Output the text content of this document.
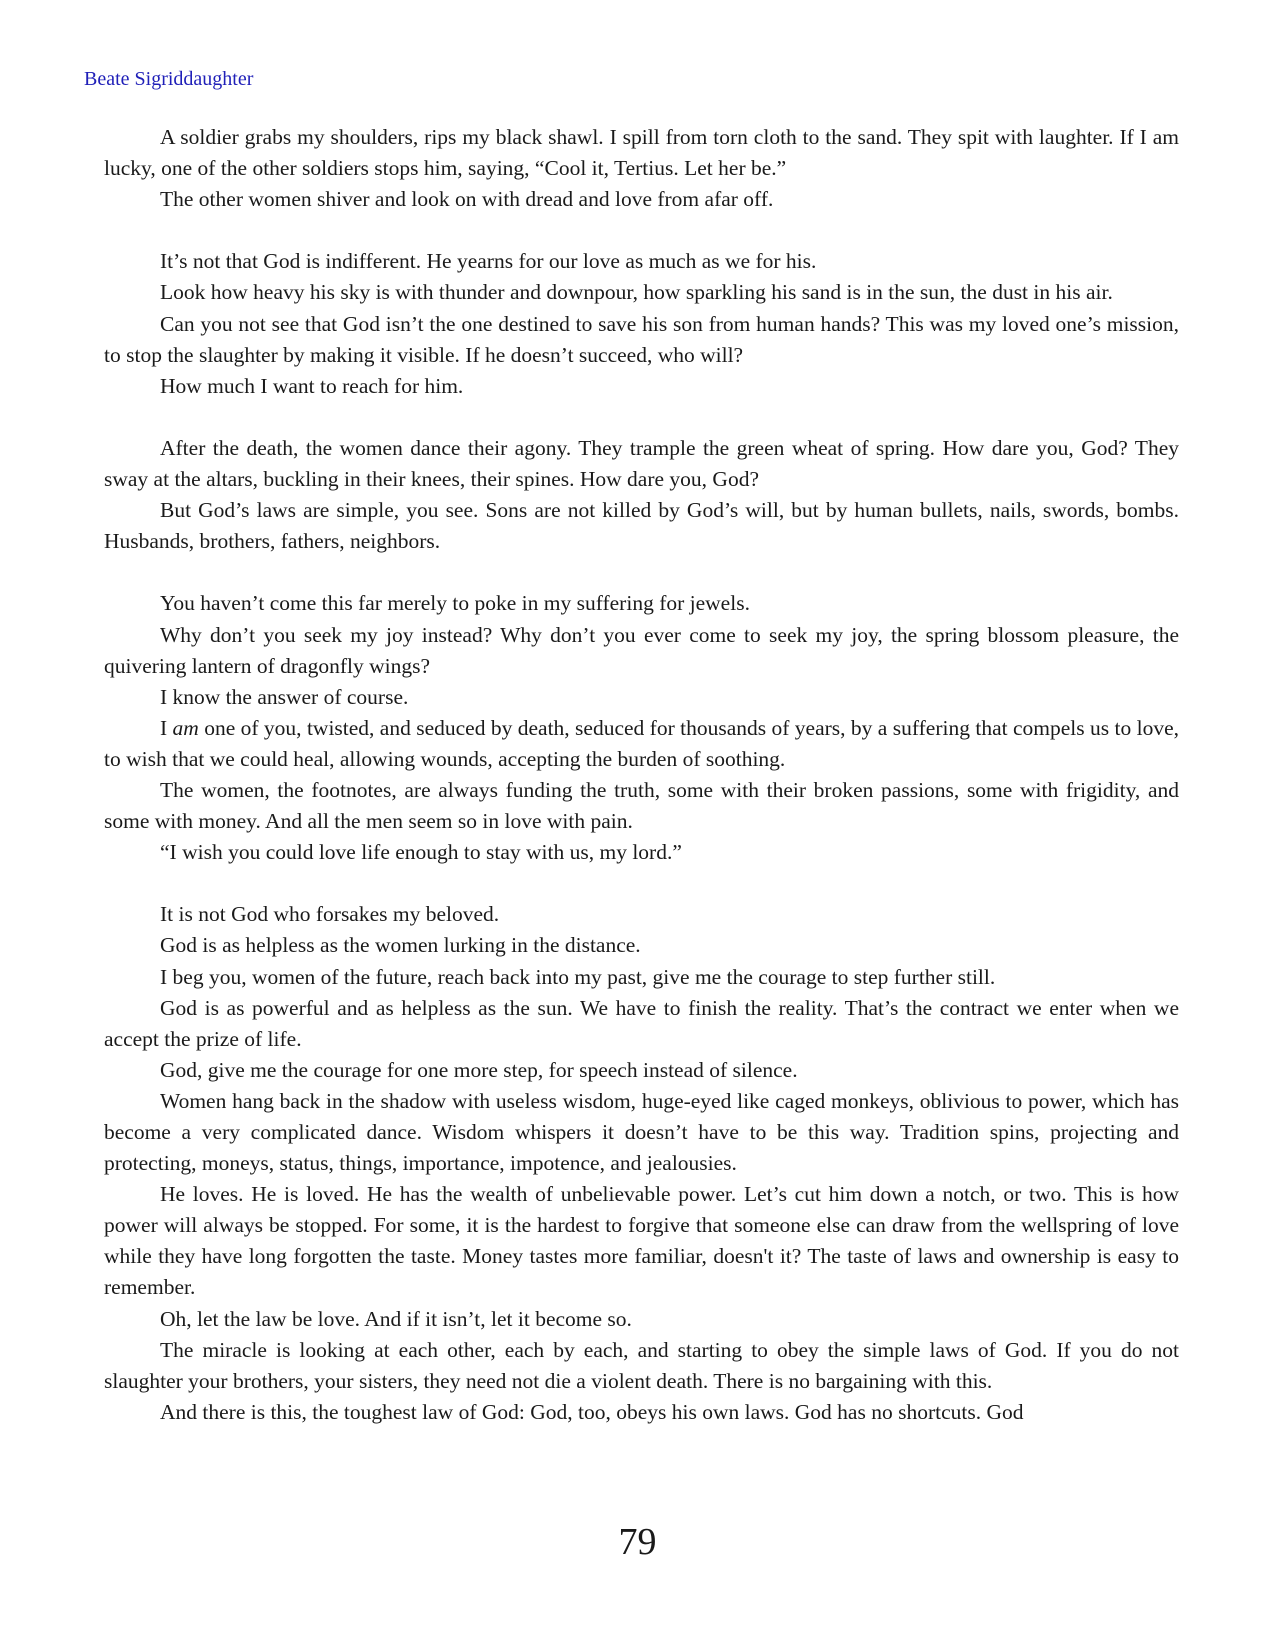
Beate Sigriddaughter

A soldier grabs my shoulders, rips my black shawl. I spill from torn cloth to the sand. They spit with laughter. If I am lucky, one of the other soldiers stops him, saying, “Cool it, Tertius. Let her be.”

The other women shiver and look on with dread and love from afar off.

It’s not that God is indifferent. He yearns for our love as much as we for his.

Look how heavy his sky is with thunder and downpour, how sparkling his sand is in the sun, the dust in his air.

Can you not see that God isn’t the one destined to save his son from human hands? This was my loved one’s mission, to stop the slaughter by making it visible. If he doesn’t succeed, who will?

How much I want to reach for him.

After the death, the women dance their agony. They trample the green wheat of spring. How dare you, God? They sway at the altars, buckling in their knees, their spines. How dare you, God?

But God’s laws are simple, you see. Sons are not killed by God’s will, but by human bullets, nails, swords, bombs. Husbands, brothers, fathers, neighbors.

You haven’t come this far merely to poke in my suffering for jewels.

Why don’t you seek my joy instead? Why don’t you ever come to seek my joy, the spring blossom pleasure, the quivering lantern of dragonfly wings?

I know the answer of course.

I am one of you, twisted, and seduced by death, seduced for thousands of years, by a suffering that compels us to love, to wish that we could heal, allowing wounds, accepting the burden of soothing.

The women, the footnotes, are always funding the truth, some with their broken passions, some with frigidity, and some with money. And all the men seem so in love with pain.

“I wish you could love life enough to stay with us, my lord.”

It is not God who forsakes my beloved.

God is as helpless as the women lurking in the distance.

I beg you, women of the future, reach back into my past, give me the courage to step further still.

God is as powerful and as helpless as the sun. We have to finish the reality. That’s the contract we enter when we accept the prize of life.

God, give me the courage for one more step, for speech instead of silence.

Women hang back in the shadow with useless wisdom, huge-eyed like caged monkeys, oblivious to power, which has become a very complicated dance. Wisdom whispers it doesn’t have to be this way. Tradition spins, projecting and protecting, moneys, status, things, importance, impotence, and jealousies.

He loves. He is loved. He has the wealth of unbelievable power. Let’s cut him down a notch, or two. This is how power will always be stopped. For some, it is the hardest to forgive that someone else can draw from the wellspring of love while they have long forgotten the taste. Money tastes more familiar, doesn't it? The taste of laws and ownership is easy to remember.

Oh, let the law be love. And if it isn’t, let it become so.

The miracle is looking at each other, each by each, and starting to obey the simple laws of God. If you do not slaughter your brothers, your sisters, they need not die a violent death. There is no bargaining with this.

And there is this, the toughest law of God: God, too, obeys his own laws. God has no shortcuts. God

79
